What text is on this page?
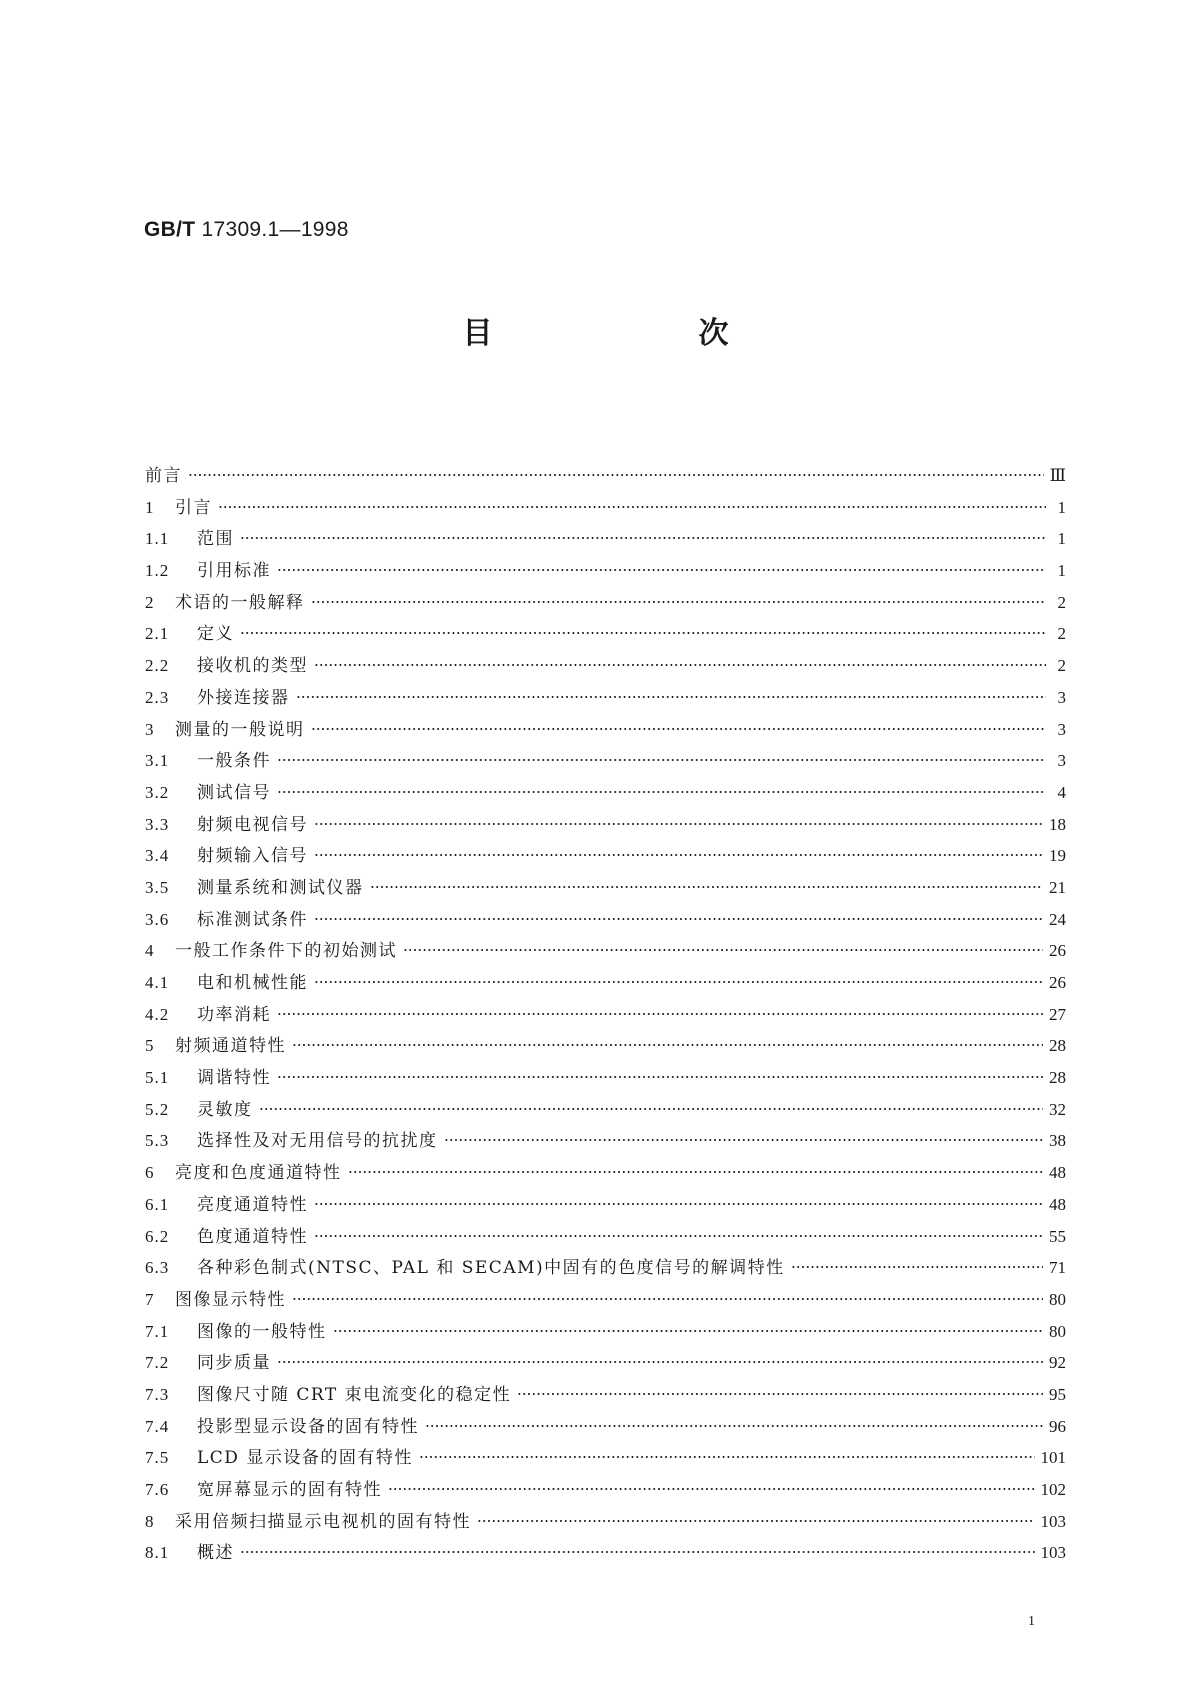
GB/T 17309.1—1998
目　次
前言	Ⅲ
1	引言	1
1.1	范围	1
1.2	引用标准	1
2	术语的一般解释	2
2.1	定义	2
2.2	接收机的类型	2
2.3	外接连接器	3
3	测量的一般说明	3
3.1	一般条件	3
3.2	测试信号	4
3.3	射频电视信号	18
3.4	射频输入信号	19
3.5	测量系统和测试仪器	21
3.6	标准测试条件	24
4	一般工作条件下的初始测试	26
4.1	电和机械性能	26
4.2	功率消耗	27
5	射频通道特性	28
5.1	调谐特性	28
5.2	灵敏度	32
5.3	选择性及对无用信号的抗扰度	38
6	亮度和色度通道特性	48
6.1	亮度通道特性	48
6.2	色度通道特性	55
6.3	各种彩色制式(NTSC、PAL 和 SECAM)中固有的色度信号的解调特性	71
7	图像显示特性	80
7.1	图像的一般特性	80
7.2	同步质量	92
7.3	图像尺寸随 CRT 束电流变化的稳定性	95
7.4	投影型显示设备的固有特性	96
7.5	LCD 显示设备的固有特性	101
7.6	宽屏幕显示的固有特性	102
8	采用倍频扫描显示电视机的固有特性	103
8.1	概述	103
1
